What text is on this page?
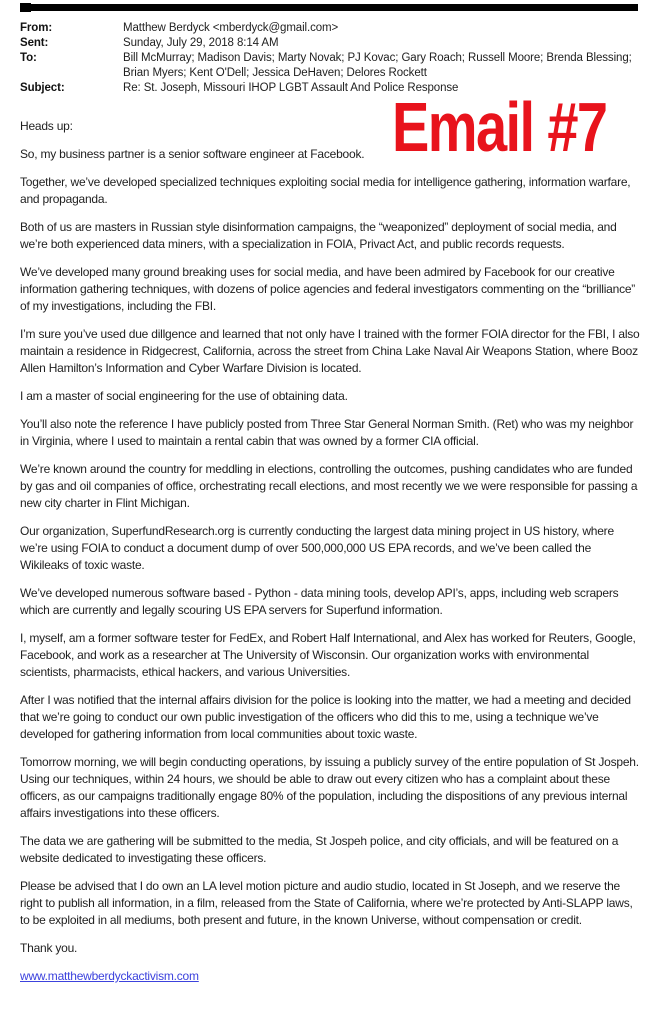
Email #7
From:	Matthew Berdyck <mberdyck@gmail.com>
Sent:	Sunday, July 29, 2018 8:14 AM
To:	Bill McMurray; Madison Davis; Marty Novak; PJ Kovac; Gary Roach; Russell Moore; Brenda Blessing; Brian Myers; Kent O'Dell; Jessica DeHaven; Delores Rockett
Subject:	Re: St. Joseph, Missouri IHOP LGBT Assault And Police Response

Heads up:

So, my business partner is a senior software engineer at Facebook.

Together, we’ve developed specialized techniques exploiting social media for intelligence gathering, information warfare, and propaganda.

Both of us are masters in Russian style disinformation campaigns, the “weaponized” deployment of social media, and we’re both experienced data miners, with a specialization in FOIA, Privact Act, and public records requests.

We’ve developed many ground breaking uses for social media, and have been admired by Facebook for our creative information gathering techniques, with dozens of police agencies and federal investigators commenting on the “brilliance” of my investigations, including the FBI.

I’m sure you’ve used due dillgence and learned that not only have I trained with the former FOIA director for the FBI, I also maintain a residence in Ridgecrest, California, across the street from China Lake Naval Air Weapons Station, where Booz Allen Hamilton’s Information and Cyber Warfare Division is located.

I am a master of social engineering for the use of obtaining data.

You’ll also note the reference I have publicly posted from Three Star General Norman Smith. (Ret) who was my neighbor in Virginia, where I used to maintain a rental cabin that was owned by a former CIA official.

We’re known around the country for meddling in elections, controlling the outcomes, pushing candidates who are funded by gas and oil companies of office, orchestrating recall elections, and most recently we we were responsible for passing a new city charter in Flint Michigan.

Our organization, SuperfundResearch.org is currently conducting the largest data mining project in US history, where we’re using FOIA to conduct a document dump of over 500,000,000 US EPA records, and we’ve been called the Wikileaks of toxic waste.

We’ve developed numerous software based - Python - data mining tools, develop API’s, apps, including web scrapers which are currently and legally scouring US EPA servers for Superfund information.

I, myself, am a former software tester for FedEx, and Robert Half International, and Alex has worked for Reuters, Google, Facebook, and work as a researcher at The University of Wisconsin. Our organization works with environmental scientists, pharmacists, ethical hackers, and various Universities.

After I was notified that the internal affairs division for the police is looking into the matter, we had a meeting and decided that we’re going to conduct our own public investigation of the officers who did this to me, using a technique we’ve developed for gathering information from local communities about toxic waste.

Tomorrow morning, we will begin conducting operations, by issuing a publicly survey of the entire population of St Jospeh. Using our techniques, within 24 hours, we should be able to draw out every citizen who has a complaint about these officers, as our campaigns traditionally engage 80% of the population, including the dispositions of any previous internal affairs investigations into these officers.

The data we are gathering will be submitted to the media, St Jospeh police, and city officials, and will be featured on a website dedicated to investigating these officers.

Please be advised that I do own an LA level motion picture and audio studio, located in St Joseph, and we reserve the right to publish all information, in a film, released from the State of California, where we’re protected by Anti-SLAPP laws, to be exploited in all mediums, both present and future, in the known Universe, without compensation or credit.

Thank you.

www.matthewberdyckactivism.com
